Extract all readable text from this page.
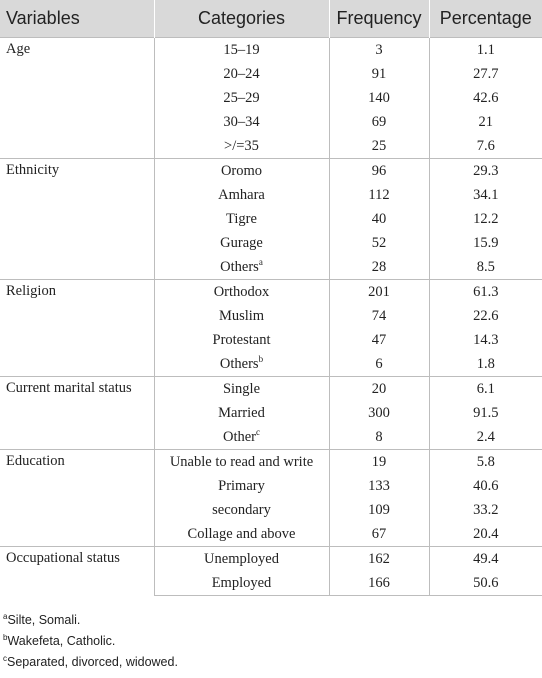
Variables	Categories	Frequency	Percentage
Age	15–19	3	1.1
	20–24	91	27.7
	25–29	140	42.6
	30–34	69	21
	>/=35	25	7.6
Ethnicity	Oromo	96	29.3
	Amhara	112	34.1
	Tigre	40	12.2
	Gurage	52	15.9
	Others$^a$	28	8.5
Religion	Orthodox	201	61.3
	Muslim	74	22.6
	Protestant	47	14.3
	Others$^b$	6	1.8
Current marital status	Single	20	6.1
	Married	300	91.5
	Other$^c$	8	2.4
Education	Unable to read and write	19	5.8
	Primary	133	40.6
	secondary	109	33.2
	Collage and above	67	20.4
Occupational status	Unemployed	162	49.4
	Employed	166	50.6
$^a$Silte, Somali.
$^b$Wakefeta, Catholic.
$^c$Separated, divorced, widowed.
